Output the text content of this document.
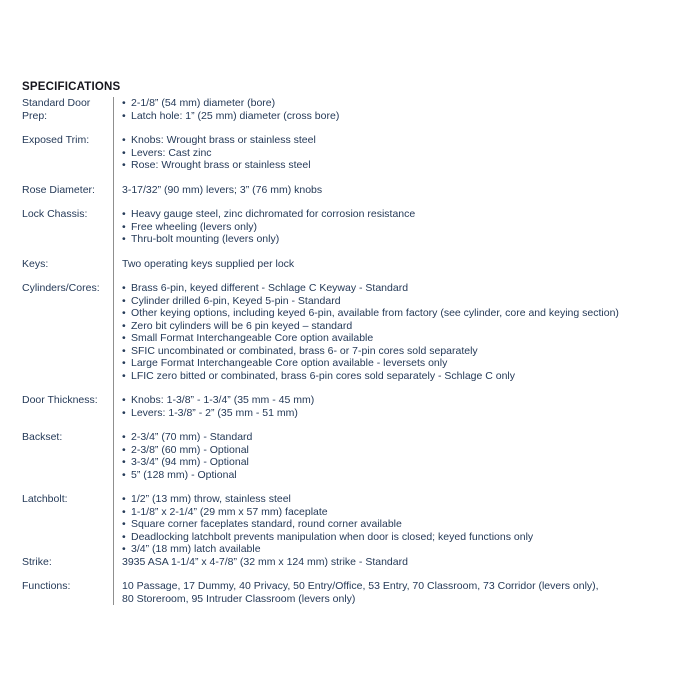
SPECIFICATIONS
Standard Door Prep:
• 2-1/8” (54 mm) diameter (bore)
• Latch hole: 1” (25 mm) diameter (cross bore)
Exposed Trim:	• Knobs: Wrought brass or stainless steel
• Levers: Cast zinc
• Rose: Wrought brass or stainless steel
Rose Diameter:	3-17/32” (90 mm) levers; 3” (76 mm) knobs
Lock Chassis:	• Heavy gauge steel, zinc dichromated for corrosion resistance
• Free wheeling (levers only)
• Thru-bolt mounting (levers only)
Keys:	Two operating keys supplied per lock
Cylinders/Cores:	• Brass 6-pin, keyed different - Schlage C Keyway - Standard
• Cylinder drilled 6-pin, Keyed 5-pin - Standard
• Other keying options, including keyed 6-pin, available from factory (see cylinder, core and keying section)
• Zero bit cylinders will be 6 pin keyed – standard
• Small Format Interchangeable Core option available
• SFIC uncombinated or combinated, brass 6- or 7-pin cores sold separately
• Large Format Interchangeable Core option available - leversets only
• LFIC zero bitted or combinated, brass 6-pin cores sold separately - Schlage C only
Door Thickness:	• Knobs: 1-3/8” - 1-3/4” (35 mm - 45 mm)
• Levers: 1-3/8” - 2” (35 mm - 51 mm)
Backset:	• 2-3/4” (70 mm) - Standard
• 2-3/8” (60 mm) - Optional
• 3-3/4” (94 mm) - Optional
• 5” (128 mm) - Optional
Latchbolt:	• 1/2” (13 mm) throw, stainless steel
• 1-1/8” x 2-1/4” (29 mm x 57 mm) faceplate
• Square corner faceplates standard, round corner available
• Deadlocking latchbolt prevents manipulation when door is closed; keyed functions only
• 3/4” (18 mm) latch available
Strike:	3935 ASA 1-1/4” x 4-7/8” (32 mm x 124 mm) strike - Standard
Functions:	10 Passage, 17 Dummy, 40 Privacy, 50 Entry/Office, 53 Entry, 70 Classroom, 73 Corridor (levers only),
80 Storeroom, 95 Intruder Classroom (levers only)
